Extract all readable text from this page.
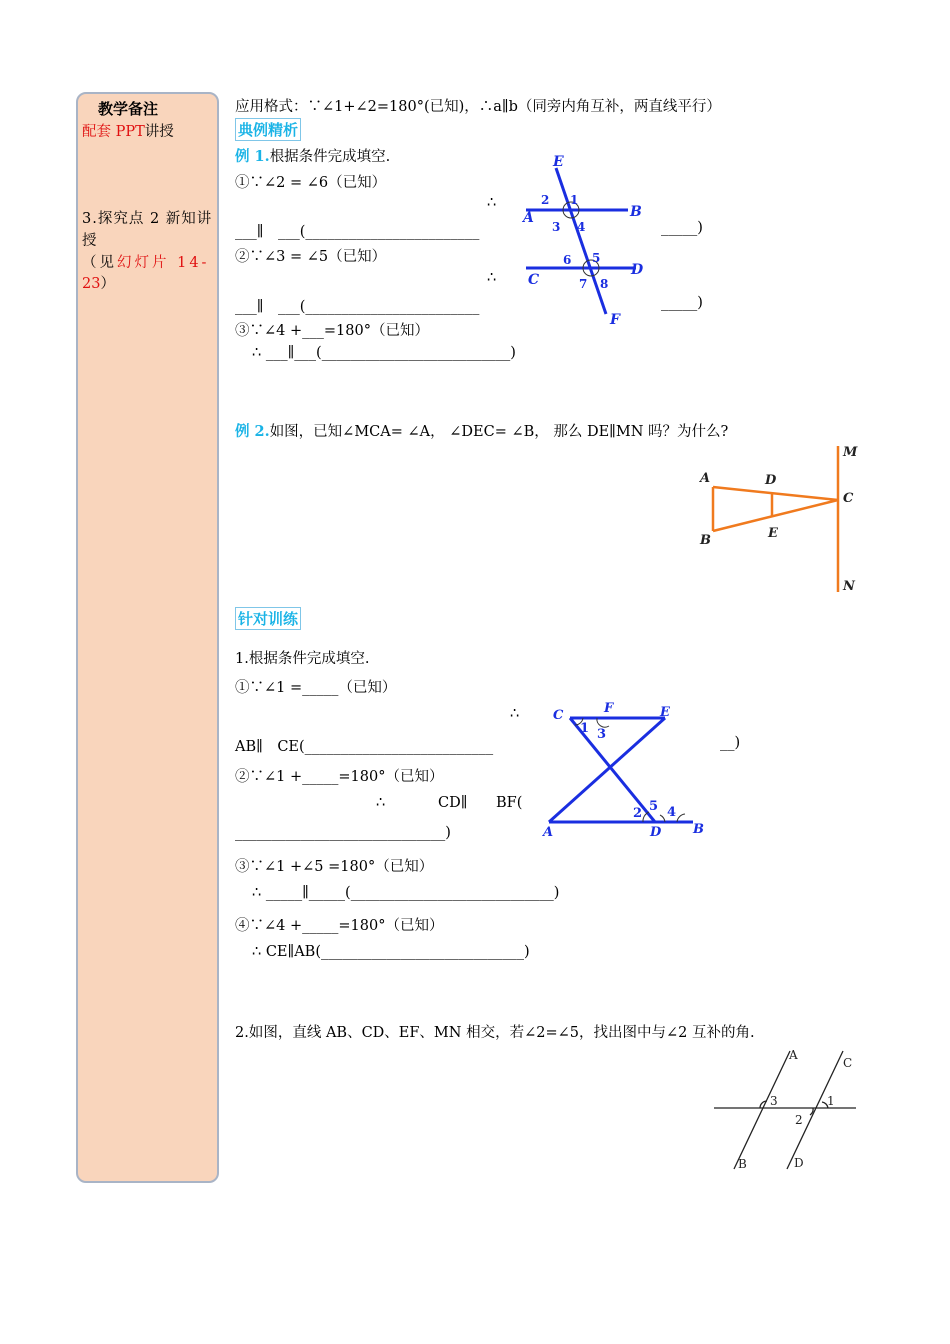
教学备注
配套 PPT讲授
3.探究点 2 新知讲
授
（见幻灯片 14-
23）
应用格式：∵∠1+∠2=180°(已知)，∴a∥b（同旁内角互补，两直线平行）
典例精析
例 1.根据条件完成填空.
①∵∠2 = ∠6（已知）
∴
___∥　___(________________________	_____)
②∵∠3 = ∠5（已知）
∴
___∥　___(________________________	_____)
③∵∠4 +___=180°（已知）
∴ ___∥___(__________________________)
E
A	B
C
D
F
2 1
3 4
6 5
7 8
例 2.如图，已知∠MCA= ∠A， ∠DEC= ∠B， 那么 DE∥MN 吗？为什么?
M
A	D
C
E
B
N
针对训练
1.根据条件完成填空.
①∵∠1 =_____（已知）
∴
AB∥　CE(__________________________	__)
②∵∠1 +_____=180°（已知）
∴	CD∥ BF(
_____________________________)
③∵∠1 +∠5 =180°（已知）
∴ _____∥_____(____________________________)
④∵∠4 +_____=180°（已知）
∴ CE∥AB(____________________________)
C	F	E
A	D B
1 3
2 5 4
2.如图，直线 AB、CD、EF、MN 相交，若∠2=∠5，找出图中与∠2 互补的角.
A
C
3	1
2
B	D
